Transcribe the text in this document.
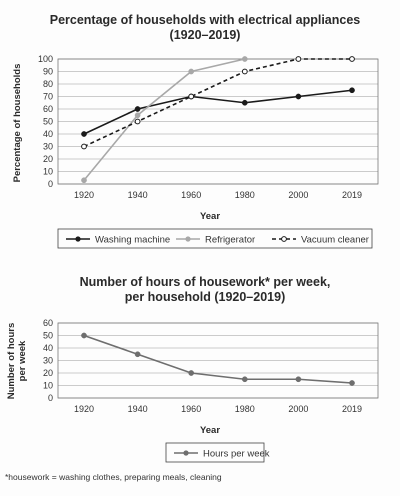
Percentage of households with electrical appliances
(1920–2019)
0
10
20
30
40
50
60
70
80
90
100
1920	1940	1960	1980	2000	2019
Percentage of households
Year
Washing machine	Refrigerator	Vacuum cleaner
Number of hours of housework* per week,
per household (1920–2019)
0
10
20
30
40
50
60
1920	1940	1960	1980	2000	2019
Number of hours per week
Year
Hours per week
*housework = washing clothes, preparing meals, cleaning
